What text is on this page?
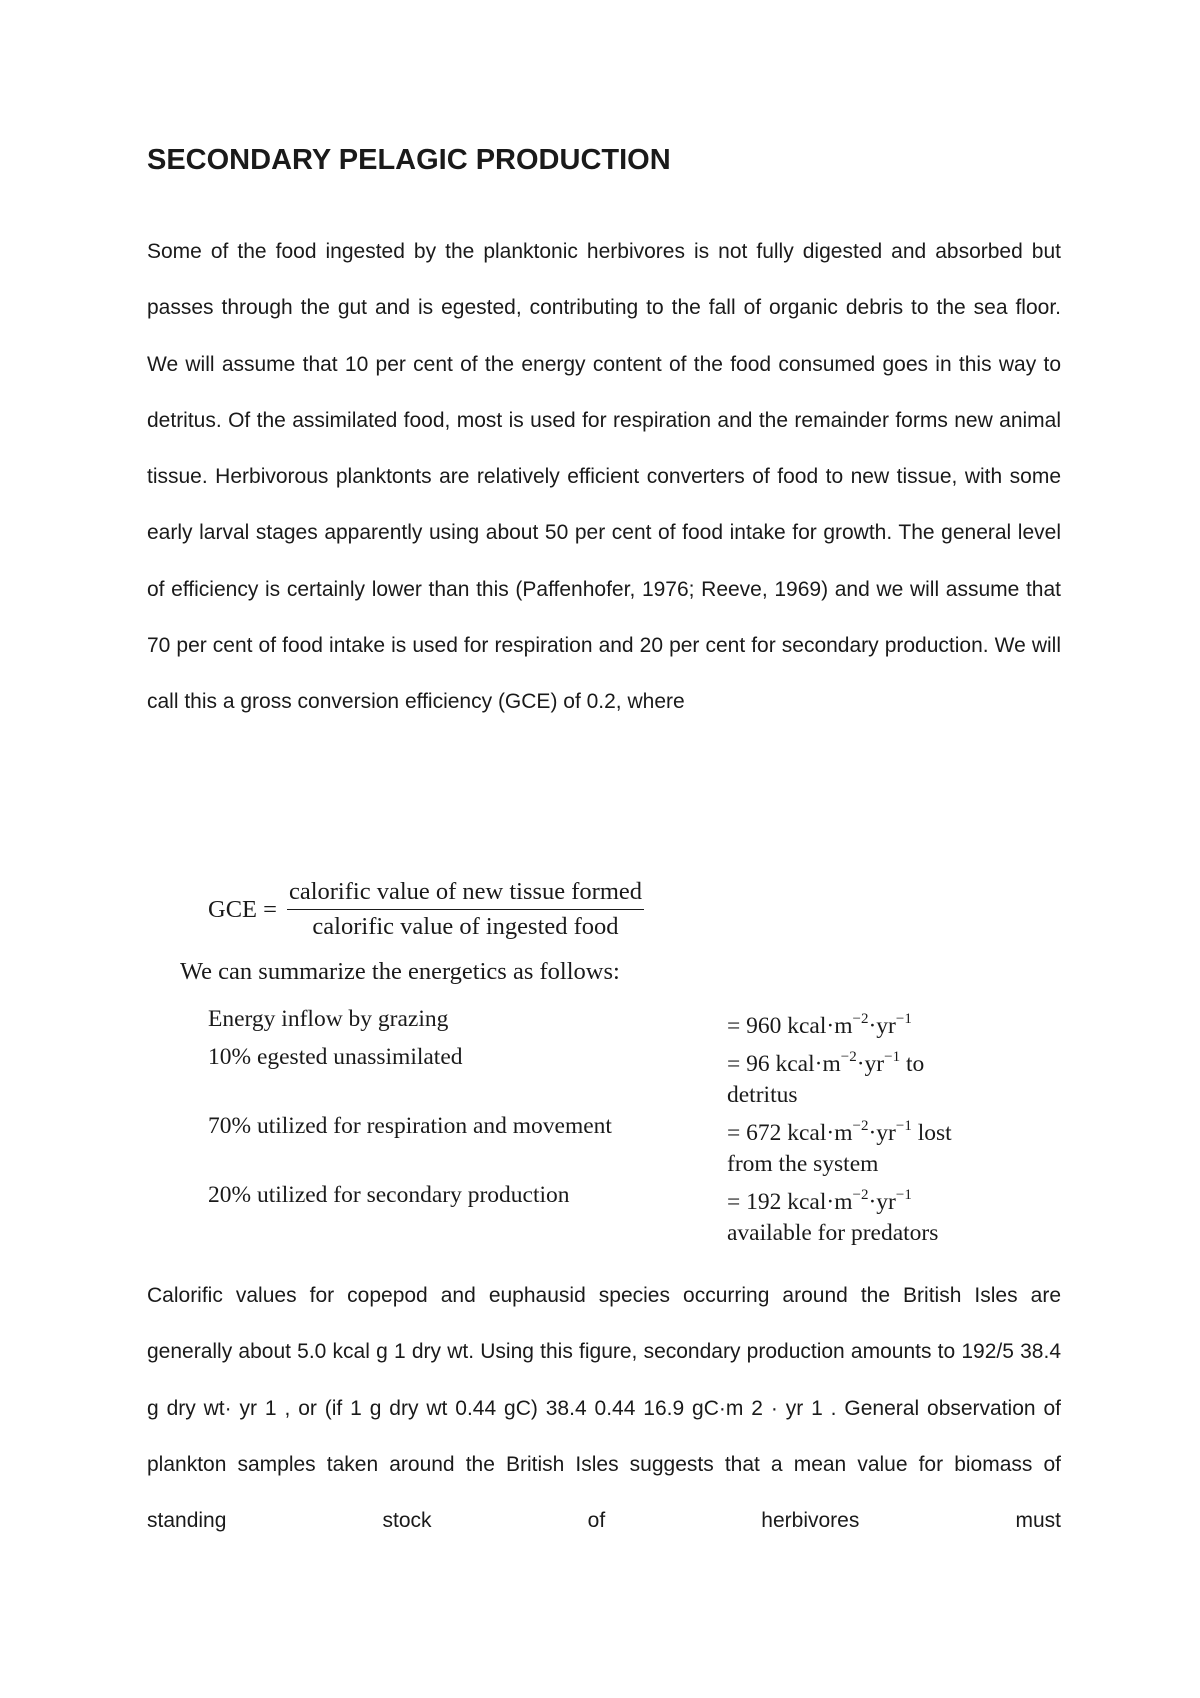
SECONDARY PELAGIC PRODUCTION

Some of the food ingested by the planktonic herbivores is not fully digested and absorbed but passes through the gut and is egested, contributing to the fall of organic debris to the sea floor. We will assume that 10 per cent of the energy content of the food consumed goes in this way to detritus. Of the assimilated food, most is used for respiration and the remainder forms new animal tissue. Herbivorous planktonts are relatively efficient converters of food to new tissue, with some early larval stages apparently using about 50 per cent of food intake for growth. The general level of efficiency is certainly lower than this (Paffenhofer, 1976; Reeve, 1969) and we will assume that 70 per cent of food intake is used for respiration and 20 per cent for secondary production. We will call this a gross conversion efficiency (GCE) of 0.2, where

GCE = $\frac{\text{calorific value of new tissue formed}}{\text{calorific value of ingested food}}$
We can summarize the energetics as follows:
Energy inflow by grazing	= 960 $kcal\cdot m^{-2}\cdot yr^{-1}$
10% egested unassimilated	= 96 $kcal\cdot m^{-2}\cdot yr^{-1}$ to
	detritus
70% utilized for respiration and movement	= 672 $kcal\cdot m^{-2}\cdot yr^{-1}$ lost
	from the system
20% utilized for secondary production	= 192 $kcal\cdot m^{-2}\cdot yr^{-1}$
	available for predators

Calorific values for copepod and euphausid species occurring around the British Isles are generally about 5.0 kcal g 1 dry wt. Using this figure, secondary production amounts to 192/5 38.4 g dry wt· yr 1 , or (if 1 g dry wt 0.44 gC) 38.4 0.44 16.9 gC·m 2 · yr 1 . General observation of plankton samples taken around the British Isles suggests that a mean value for biomass of standing stock of herbivores must
